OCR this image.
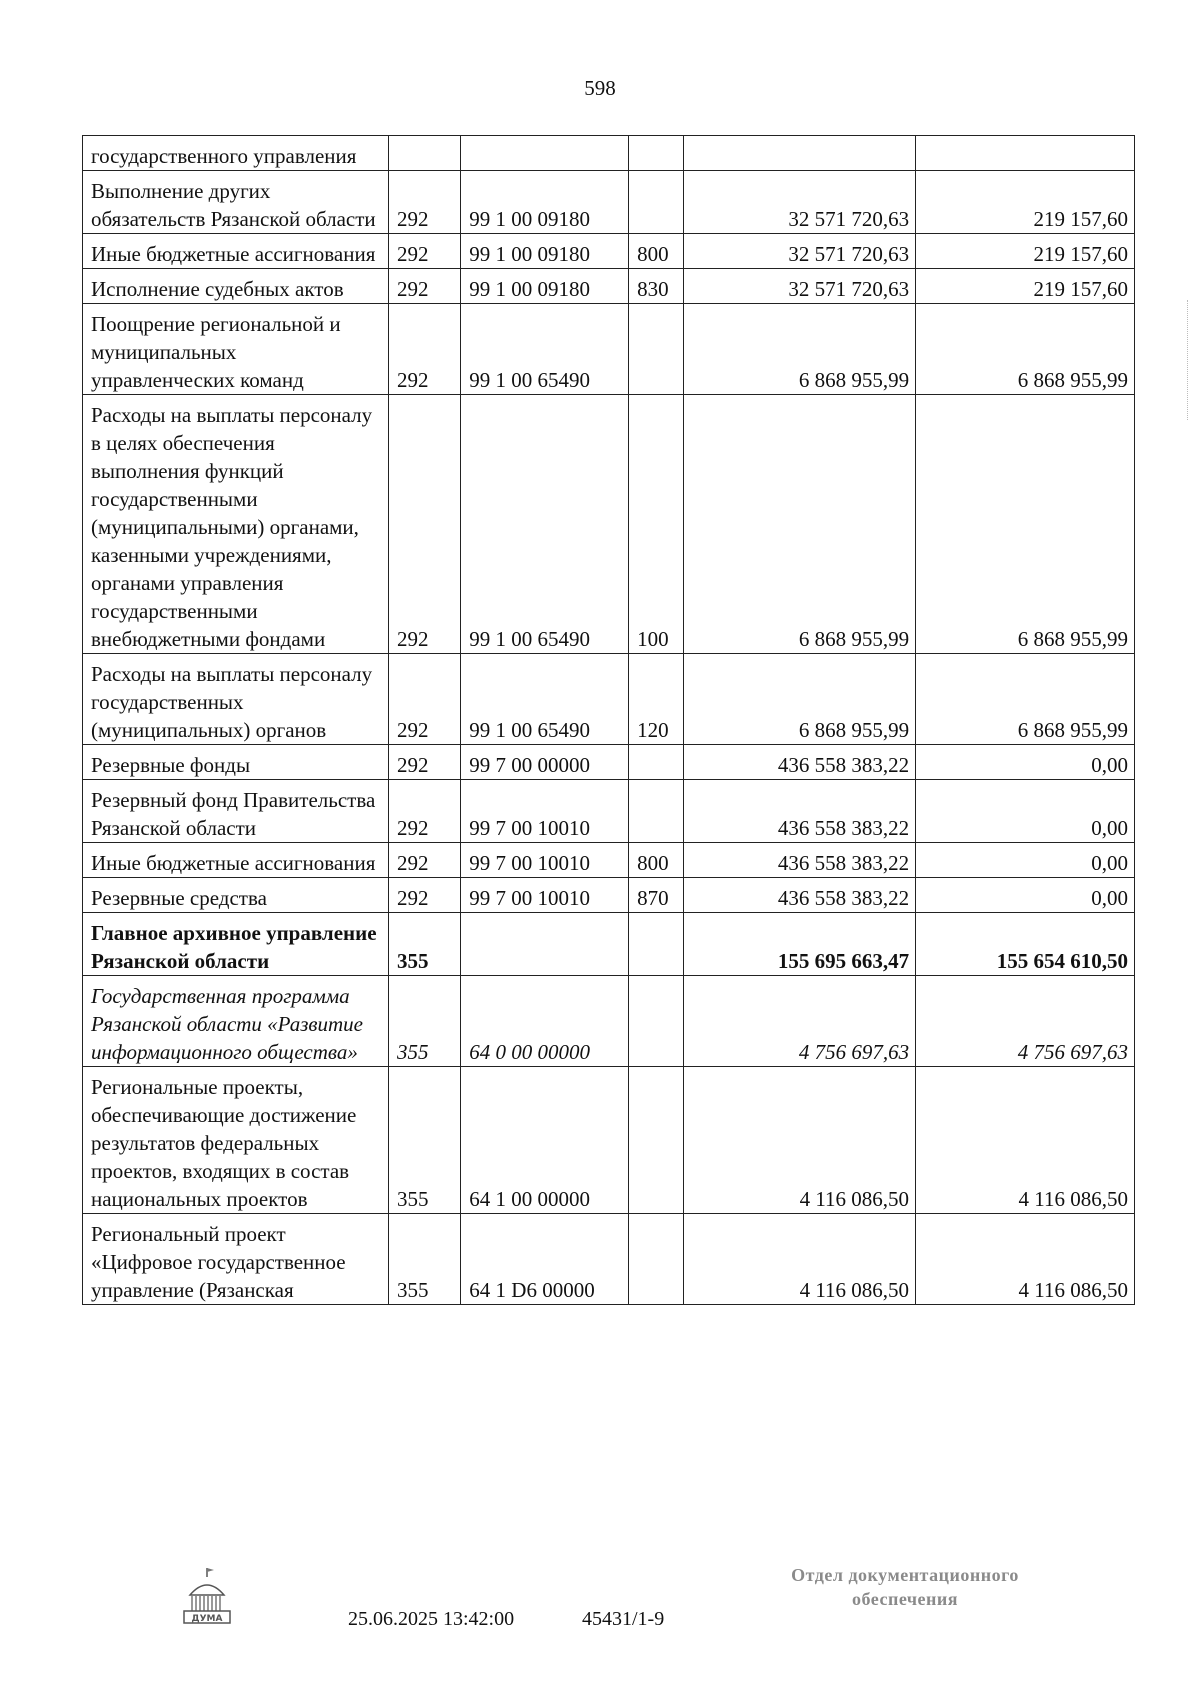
598
государственного управления					
Выполнение других обязательств Рязанской области	292	99 1 00 09180		32 571 720,63	219 157,60
Иные бюджетные ассигнования	292	99 1 00 09180	800	32 571 720,63	219 157,60
Исполнение судебных актов	292	99 1 00 09180	830	32 571 720,63	219 157,60
Поощрение региональной и муниципальных управленческих команд	292	99 1 00 65490		6 868 955,99	6 868 955,99
Расходы на выплаты персоналу в целях обеспечения выполнения функций государственными (муниципальными) органами, казенными учреждениями, органами управления государственными внебюджетными фондами	292	99 1 00 65490	100	6 868 955,99	6 868 955,99
Расходы на выплаты персоналу государственных (муниципальных) органов	292	99 1 00 65490	120	6 868 955,99	6 868 955,99
Резервные фонды	292	99 7 00 00000		436 558 383,22	0,00
Резервный фонд Правительства Рязанской области	292	99 7 00 10010		436 558 383,22	0,00
Иные бюджетные ассигнования	292	99 7 00 10010	800	436 558 383,22	0,00
Резервные средства	292	99 7 00 10010	870	436 558 383,22	0,00
Главное архивное управление Рязанской области	355			155 695 663,47	155 654 610,50
Государственная программа Рязанской области «Развитие информационного общества»	355	64 0 00 00000		4 756 697,63	4 756 697,63
Региональные проекты, обеспечивающие достижение результатов федеральных проектов, входящих в состав национальных проектов	355	64 1 00 00000		4 116 086,50	4 116 086,50
Региональный проект «Цифровое государственное управление (Рязанская	355	64 1 D6 00000		4 116 086,50	4 116 086,50
ДУМА	25.06.2025 13:42:00	45431/1-9
Отдел документационного
обеспечения
